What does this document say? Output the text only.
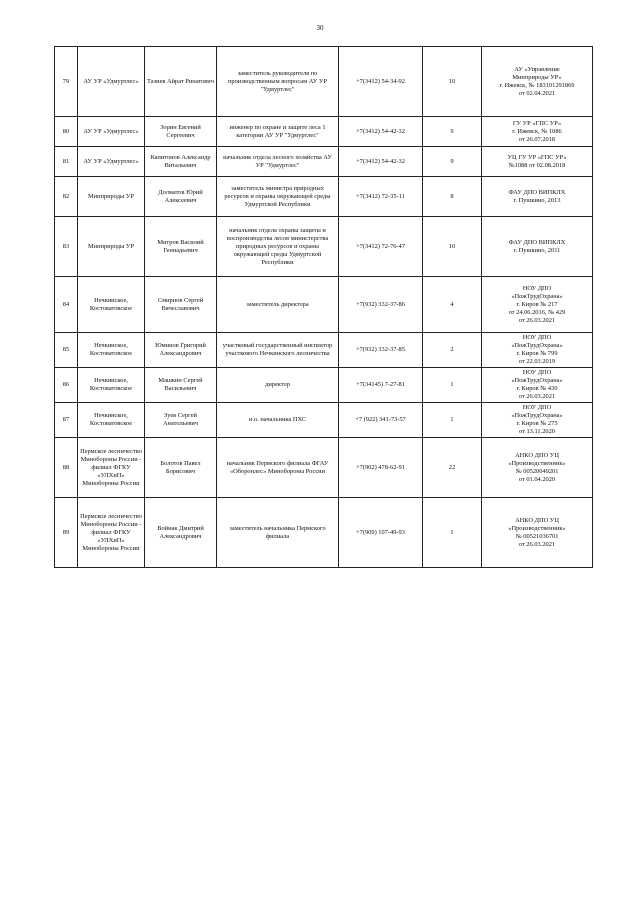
30
79	АУ УР «Удмуртлес»	Тазиев Айрат Ринатович	заместитель руководителя по производственным вопросам АУ УР "Удмуртлес"	+7(3412) 54-34-92	10	АУ «Управление
Минприроды УР»
г. Ижевск, № 183101291869
от 02.04.2021

80	АУ УР «Удмуртлес»	Зорин Евгений Сергеевич	инженер по охране и защите леса 1 категории АУ УР "Удмуртлес"	+7(3412) 54-42-32	9	ГУ УР «ГПС УР»
г. Ижевск, № 1086
от 26.07.2018

81	АУ УР «Удмуртлес»	Капитонов Александр Витальевич	начальник отдела лесного хозяйства АУ УР "Удмуртлес"	+7(3412) 54-42-32	9	УЦ ГУ УР «ГПС УР»
№1088 от 02.08.2018

82	Минприроды УР	Долматов Юрий Алексеевич	заместитель министра природных ресурсов и охраны окружающей среды Удмуртской Республики	+7(3412) 72-35-11	8	ФАУ ДПО ВИПКЛХ
г. Пушкино, 2013

83	Минприроды УР	Митров Василий Геннадьевич	начальник отдела охраны защиты и воспроизводства лесов министерства природных ресурсов и охраны окружающей среды Удмуртской Республики	+7(3412) 72-76-47	10	ФАУ ДПО ВИПКЛХ
г. Пушкино, 2011

84	Нечкинское, Костоватовское	Смирнов Сергей Вячеславович	заместитель директора	+7(932) 332-37-86	4	НОУ ДПО
«ПожТрудОхрана»
г. Киров № 217
от 24.06.2016, № 429
от 26.03.2021

85	Нечкинское, Костоватовское	Юминов Григорий Александрович	участковый государственный инспектор участкового Нечкинского лесничества	+7(932) 332-37-85	2	НОУ ДПО
«ПожТрудОхрана»
г. Киров № 799
от 22.03.2019

86	Нечкинское, Костоватовское	Машкин Сергей Васильевич	директор	+7(34145) 7-27-81	1	НОУ ДПО
«ПожТрудОхрана»
г. Киров № 430
от 26.03.2021

87	Нечкинское, Костоватовское	Зуев Сергей Анатольевич	и.о. начальника ПХС	+7 (922) 341-73-57	1	НОУ ДПО
«ПожТрудОхрана»
г. Киров № 275
от 13.11.2020

88	Пермское лесничество Минобороны России - филиал ФГКУ «УЛХиП» Минобороны России	Болотов Павел Борисович	начальник Пермского филиала ФГАУ «Оборонлес» Минобороны России	+7(902) 478-62-91	22	АНКО ДПО УЦ
«Производственник»
№ 00520049201
от 01.04.2020

89	Пермское лесничество Минобороны России - филиал ФГКУ «УЛХиП» Минобороны России	Войнак Дмитрий Александрович	заместитель начальника Пермского филиала	+7(909) 107-49-93	1	АНКО ДПО УЦ
«Производственник»
№ 00521036701
от 26.03.2021
